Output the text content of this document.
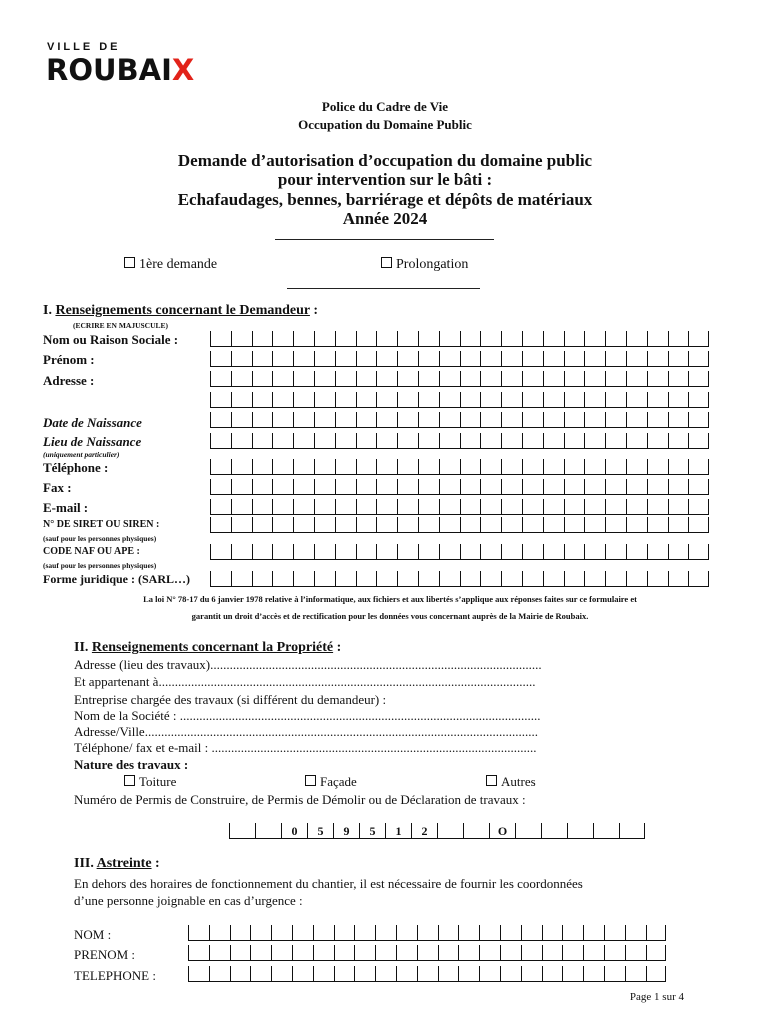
VILLE DE
ROUBAIX
Police du Cadre de Vie
Occupation du Domaine Public
Demande d’autorisation d’occupation du domaine public
pour intervention sur le bâti :
Echafaudages, bennes, barriérage et dépôts de matériaux
Année 2024
1ère demande	Prolongation
I. Renseignements concernant le Demandeur :
(ECRIRE EN MAJUSCULE)
Nom ou Raison Sociale :
Prénom :
Adresse :
Date de Naissance
Lieu de Naissance
(uniquement particulier)
Téléphone :
Fax :
E-mail :
N° DE SIRET OU SIREN :
(sauf pour les personnes physiques)
CODE NAF OU APE :
(sauf pour les personnes physiques)
Forme juridique : (SARL…)
La loi N° 78-17 du 6 janvier 1978 relative à l’informatique, aux fichiers et aux libertés s’applique aux réponses faites sur ce formulaire et
garantit un droit d’accès et de rectification pour les données vous concernant auprès de la Mairie de Roubaix.
II. Renseignements concernant la Propriété :
Adresse (lieu des travaux)......................................................................................................
Et appartenant à....................................................................................................................
Entreprise chargée des travaux (si différent du demandeur) :
Nom de la Société : ...............................................................................................................
Adresse/Ville.........................................................................................................................
Téléphone/ fax et e-mail : ....................................................................................................
Nature des travaux :
Toiture	Façade	Autres
Numéro de Permis de Construire, de Permis de Démolir ou de Déclaration de travaux :
0	5	9	5	1	2	O
III. Astreinte :
En dehors des horaires de fonctionnement du chantier, il est nécessaire de fournir les coordonnées
d’une personne joignable en cas d’urgence :
NOM :
PRENOM :
TELEPHONE :
Page 1 sur 4
